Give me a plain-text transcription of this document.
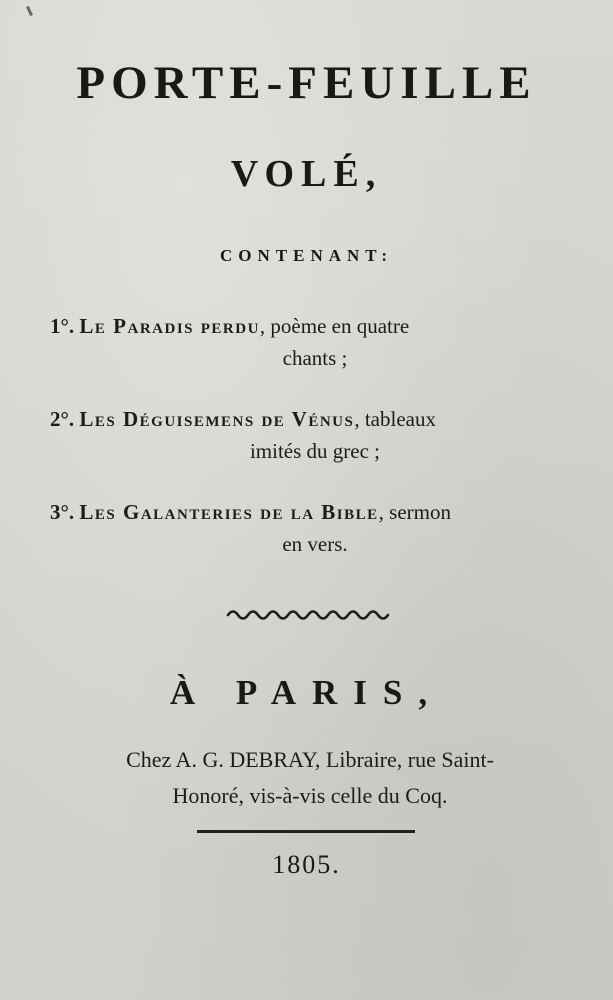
PORTE-FEUILLE
VOLÉ,
CONTENANT:
1°. Le Paradis perdu, poème en quatre
chants ;
2°. Les Déguisemens de Vénus, tableaux
imités du grec ;
3°. Les Galanteries de la Bible, sermon
en vers.
À PARIS,
Chez A. G. DEBRAY, Libraire, rue Saint-
Honoré, vis-à-vis celle du Coq.
1805.
